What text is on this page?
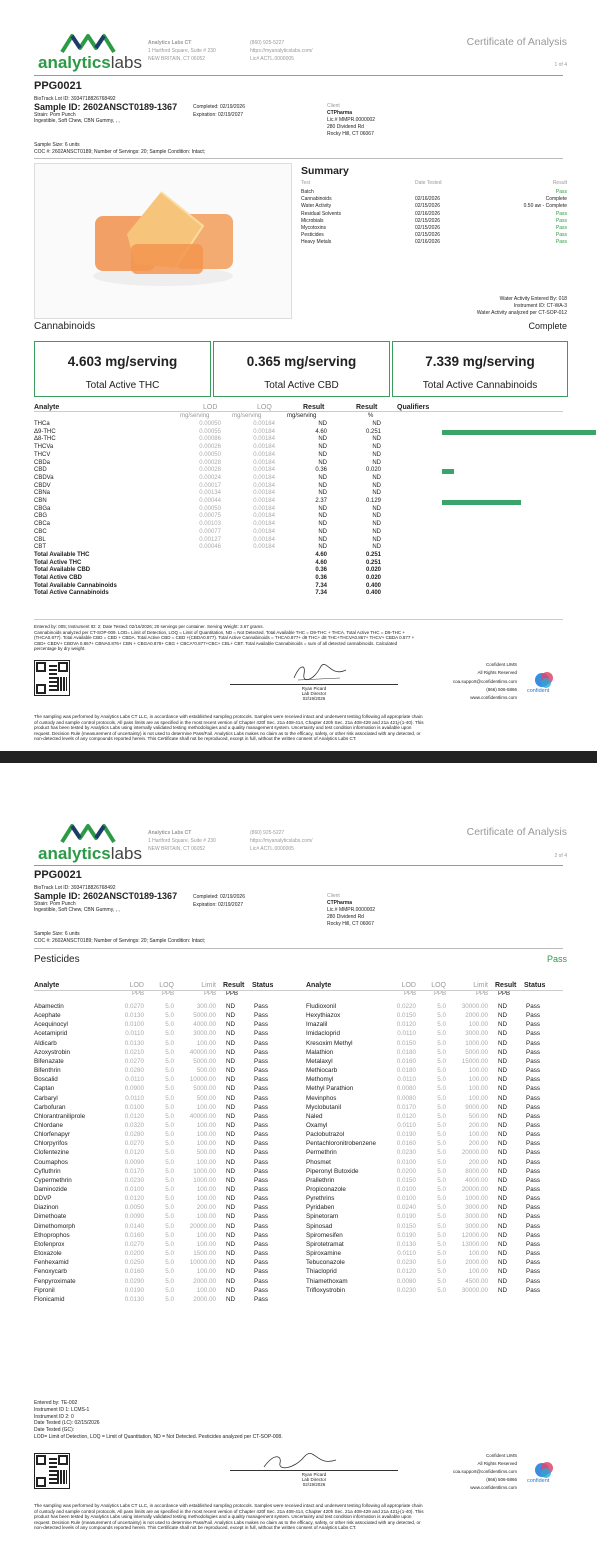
analyticslabs
Analytics Labs CT
1 Hartford Square, Suite # 230
NEW BRITAIN, CT 06052
(860) 925-5227
https://myanalyticslabs.com/
Lic# ACTL.0000005
Certificate of Analysis
1 of 4
PPG0021
BioTrack Lot ID: 3934718826768492
Sample ID: 2602ANSCT0189-1367
Strain: Pom Punch
Ingestible, Soft Chew, CBN Gummy, , ,
Completed: 02/19/2026
Expiration: 02/19/2027
Client
CTPharma
Lic.# MMPR.0000002
280 Dividend Rd
Rocky Hill, CT 06067
Sample Size: 6 units
COC #: 2602ANSCT0189; Number of Servings: 20; Sample Condition: Intact;
Summary
Test	Date Tested	Result
Batch	Pass
Cannabinoids	02/16/2026	Complete
Water Activity	02/15/2026	0.50 aw - Complete
Residual Solvents	02/16/2026	Pass
Microbials	02/15/2026	Pass
Mycotoxins	02/15/2026	Pass
Pesticides	02/15/2026	Pass
Heavy Metals	02/16/2026	Pass
Water Activity Entered By: 018
Instrument ID: CT-WA-3
Water Activity analyzed per CT-SOP-012
Cannabinoids	Complete
4.603 mg/serving
Total Active THC
0.365 mg/serving
Total Active CBD
7.339 mg/serving
Total Active Cannabinoids
Analyte	LOD	LOQ	Result	Result	Qualifiers
mg/serving	mg/serving	mg/serving	%
THCa	0.00050	0.00184	ND	ND
Δ9-THC	0.00055	0.00184	4.60	0.251
Δ8-THC	0.00086	0.00184	ND	ND
THCVa	0.00026	0.00184	ND	ND
THCV	0.00050	0.00184	ND	ND
CBDa	0.00028	0.00184	ND	ND
CBD	0.00028	0.00184	0.36	0.020
CBDVa	0.00024	0.00184	ND	ND
CBDV	0.00017	0.00184	ND	ND
CBNa	0.00134	0.00184	ND	ND
CBN	0.00044	0.00184	2.37	0.129
CBGa	0.00050	0.00184	ND	ND
CBG	0.00075	0.00184	ND	ND
CBCa	0.00103	0.00184	ND	ND
CBC	0.00077	0.00184	ND	ND
CBL	0.00127	0.00184	ND	ND
CBT	0.00046	0.00184	ND	ND
Total Available THC	4.60	0.251
Total Active THC	4.60	0.251
Total Available CBD	0.36	0.020
Total Active CBD	0.36	0.020
Total Available Cannabinoids	7.34	0.400
Total Active Cannabinoids	7.34	0.400
Entered by: 005; Instrument ID: 2; Date Tested: 02/16/2026; 20 servings per container. Serving Weight: 3.67 grams.
Cannabinoids analyzed per CT-SOP-009. LOD= Limit of Detection, LOQ = Limit of Quantitation, ND = Not Detected. Total Available THC = D9-THC + THCA. Total Active THC = D9-THC +
(THCA0.877). Total Available CBD = CBD + CBDA. Total Active CBD = CBD +(CBDA0.877). Total Active Cannabinoids = THCA0.877+ d9 THC+ d8 THC+THCVA0.867+ THCV+ CBDA 0.877 +
CBD+ CBDV+ CBDVA 0.867+ CBNA0.876+ CBN + CBGA0.878+ CBG + CBCA*0.877+CBC+ CBL+ CBT. Total Available Cannabinoids = sum of all detected cannabinoids. Calculated
percentage by dry weight.
Ryan Picard
Lab Director
02/19/2026
Confident LIMS
All Rights Reserved
coa.support@confidentlims.com
(866) 506-5866
www.confidentlims.com
confident
The sampling was performed by Analytics Labs CT LLC, in accordance with established sampling protocols. Samples were received intact and underwent testing following all appropriate chain
of custody and sample control protocols. All pass limits are as specified in the most recent version of Chapter 420f Sec. 21a 408-414, Chapter 420h Sec. 21a 408-429 and 21a 421j-(1-40). This
product has been tested by Analytics Labs using internally validated testing methodologies and a quality management system. Uncertainty and test condition information is available upon
request. Decision Rule (measurement of uncertainty) is not used to determine Pass/Fail. Analytics Labs makes no claim as to the efficacy, safety, or other risk associated with any detected, or
non-detected levels of any compounds reported herein. This Certificate shall not be reproduced, except in full, without the written consent of Analytics Labs CT.
analyticslabs
Analytics Labs CT
1 Hartford Square, Suite # 230
NEW BRITAIN, CT 06052
(860) 925-5227
https://myanalyticslabs.com/
Lic# ACTL.0000005
Certificate of Analysis
2 of 4
PPG0021
BioTrack Lot ID: 3934718826768492
Sample ID: 2602ANSCT0189-1367
Strain: Pom Punch
Ingestible, Soft Chew, CBN Gummy, , ,
Completed: 02/19/2026
Expiration: 02/19/2027
Client
CTPharma
Lic.# MMPR.0000002
280 Dividend Rd
Rocky Hill, CT 06067
Sample Size: 6 units
COC #: 2602ANSCT0189; Number of Servings: 20; Sample Condition: Intact;
Pesticides	Pass
Analyte	LOD	LOQ	Limit Result Status
PPB	PPB	PPB PPB
Analyte	LOD	LOQ	Limit Result Status
PPB	PPB	PPB PPB
Abamectin	0.0270	5.0	300.00 ND	Pass
Acephate	0.0130	5.0	5000.00 ND	Pass
Acequinocyl	0.0100	5.0	4000.00 ND	Pass
Acetamiprid	0.0110	5.0	3000.00 ND	Pass
Aldicarb	0.0130	5.0	100.00 ND	Pass
Azoxystrobin	0.0210	5.0 40000.00 ND	Pass
Bifenazate	0.0270	5.0	5000.00 ND	Pass
Bifenthrin	0.0280	5.0	500.00 ND	Pass
Boscalid	0.0110	5.0 10000.00 ND	Pass
Captan	0.0900	5.0	5000.00 ND	Pass
Carbaryl	0.0110	5.0	500.00 ND	Pass
Carbofuran	0.0100	5.0	100.00 ND	Pass
Chlorantraniliprole	0.0120	5.0 40000.00 ND	Pass
Chlordane	0.0320	5.0	100.00 ND	Pass
Chlorfenapyr	0.0280	5.0	100.00 ND	Pass
Chlorpyrifos	0.0270	5.0	100.00 ND	Pass
Clofentezine	0.0120	5.0	500.00 ND	Pass
Coumaphos	0.0090	5.0	100.00 ND	Pass
Cyfluthrin	0.0170	5.0	1000.00 ND	Pass
Cypermethrin	0.0230	5.0	1000.00 ND	Pass
Daminozide	0.0100	5.0	100.00 ND	Pass
DDVP	0.0120	5.0	100.00 ND	Pass
Diazinon	0.0050	5.0	200.00 ND	Pass
Dimethoate	0.0090	5.0	100.00 ND	Pass
Dimethomorph	0.0140	5.0 20000.00 ND	Pass
Ethoprophos	0.0160	5.0	100.00 ND	Pass
Etofenprox	0.0270	5.0	100.00 ND	Pass
Etoxazole	0.0200	5.0	1500.00 ND	Pass
Fenhexamid	0.0250	5.0 10000.00 ND	Pass
Fenoxycarb	0.0160	5.0	100.00 ND	Pass
Fenpyroximate	0.0290	5.0	2000.00 ND	Pass
Fipronil	0.0190	5.0	100.00 ND	Pass
Flonicamid	0.0130	5.0	2000.00 ND	Pass
Fludioxonil	0.0220	5.0 30000.00 ND	Pass
Hexythiazox	0.0150	5.0	2000.00 ND	Pass
Imazalil	0.0120	5.0	100.00 ND	Pass
Imidacloprid	0.0110	5.0	3000.00 ND	Pass
Kresoxim Methyl	0.0150	5.0	1000.00 ND	Pass
Malathion	0.0180	5.0	5000.00 ND	Pass
Metalaxyl	0.0160	5.0 15000.00 ND	Pass
Methiocarb	0.0180	5.0	100.00 ND	Pass
Methomyl	0.0110	5.0	100.00 ND	Pass
Methyl Parathion	0.0080	5.0	100.00 ND	Pass
Mevinphos	0.0080	5.0	100.00 ND	Pass
Myclobutanil	0.0170	5.0	9000.00 ND	Pass
Naled	0.0120	5.0	500.00 ND	Pass
Oxamyl	0.0110	5.0	200.00 ND	Pass
Paclobutrazol	0.0190	5.0	100.00 ND	Pass
Pentachloronitrobenzene	0.0160	5.0	200.00 ND	Pass
Permethrin	0.0230	5.0 20000.00 ND	Pass
Phosmet	0.0100	5.0	200.00 ND	Pass
Piperonyl Butoxide	0.0200	5.0	8000.00 ND	Pass
Prallethrin	0.0150	5.0	4000.00 ND	Pass
Propiconazole	0.0100	5.0 20000.00 ND	Pass
Pyrethrins	0.0100	5.0	1000.00 ND	Pass
Pyridaben	0.0240	5.0	3000.00 ND	Pass
Spinetoram	0.0190	5.0	3000.00 ND	Pass
Spinosad	0.0150	5.0	3000.00 ND	Pass
Spiromesifen	0.0190	5.0 12000.00 ND	Pass
Spirotetramat	0.0130	5.0 13000.00 ND	Pass
Spiroxamine	0.0110	5.0	100.00 ND	Pass
Tebuconazole	0.0230	5.0	2000.00 ND	Pass
Thiacloprid	0.0120	5.0	100.00 ND	Pass
Thiamethoxam	0.0080	5.0	4500.00 ND	Pass
Trifloxystrobin	0.0230	5.0 30000.00 ND	Pass
Entered by: TE-002
Instrument ID 1: LCMS-1
Instrument ID 2: 0
Date Tested (LC): 02/15/2026
Date Tested (GC):
LOD= Limit of Detection, LOQ = Limit of Quantitation, ND = Not Detected. Pesticides analyzed per CT-SOP-008.
Ryan Picard
Lab Director
02/19/2026
Confident LIMS
All Rights Reserved
coa.support@confidentlims.com
(866) 506-5866
www.confidentlims.com
confident
The sampling was performed by Analytics Labs CT LLC, in accordance with established sampling protocols. Samples were received intact and underwent testing following all appropriate chain
of custody and sample control protocols. All pass limits are as specified in the most recent version of Chapter 420f Sec. 21a 408-414, Chapter 420h Sec. 21a 408-429 and 21a 421j-(1-40). This
product has been tested by Analytics Labs using internally validated testing methodologies and a quality management system. Uncertainty and test condition information is available upon
request. Decision Rule (measurement of uncertainty) is not used to determine Pass/Fail. Analytics Labs makes no claim as to the efficacy, safety, or other risk associated with any detected, or
non-detected levels of any compounds reported herein. This Certificate shall not be reproduced, except in full, without the written consent of Analytics Labs CT.
